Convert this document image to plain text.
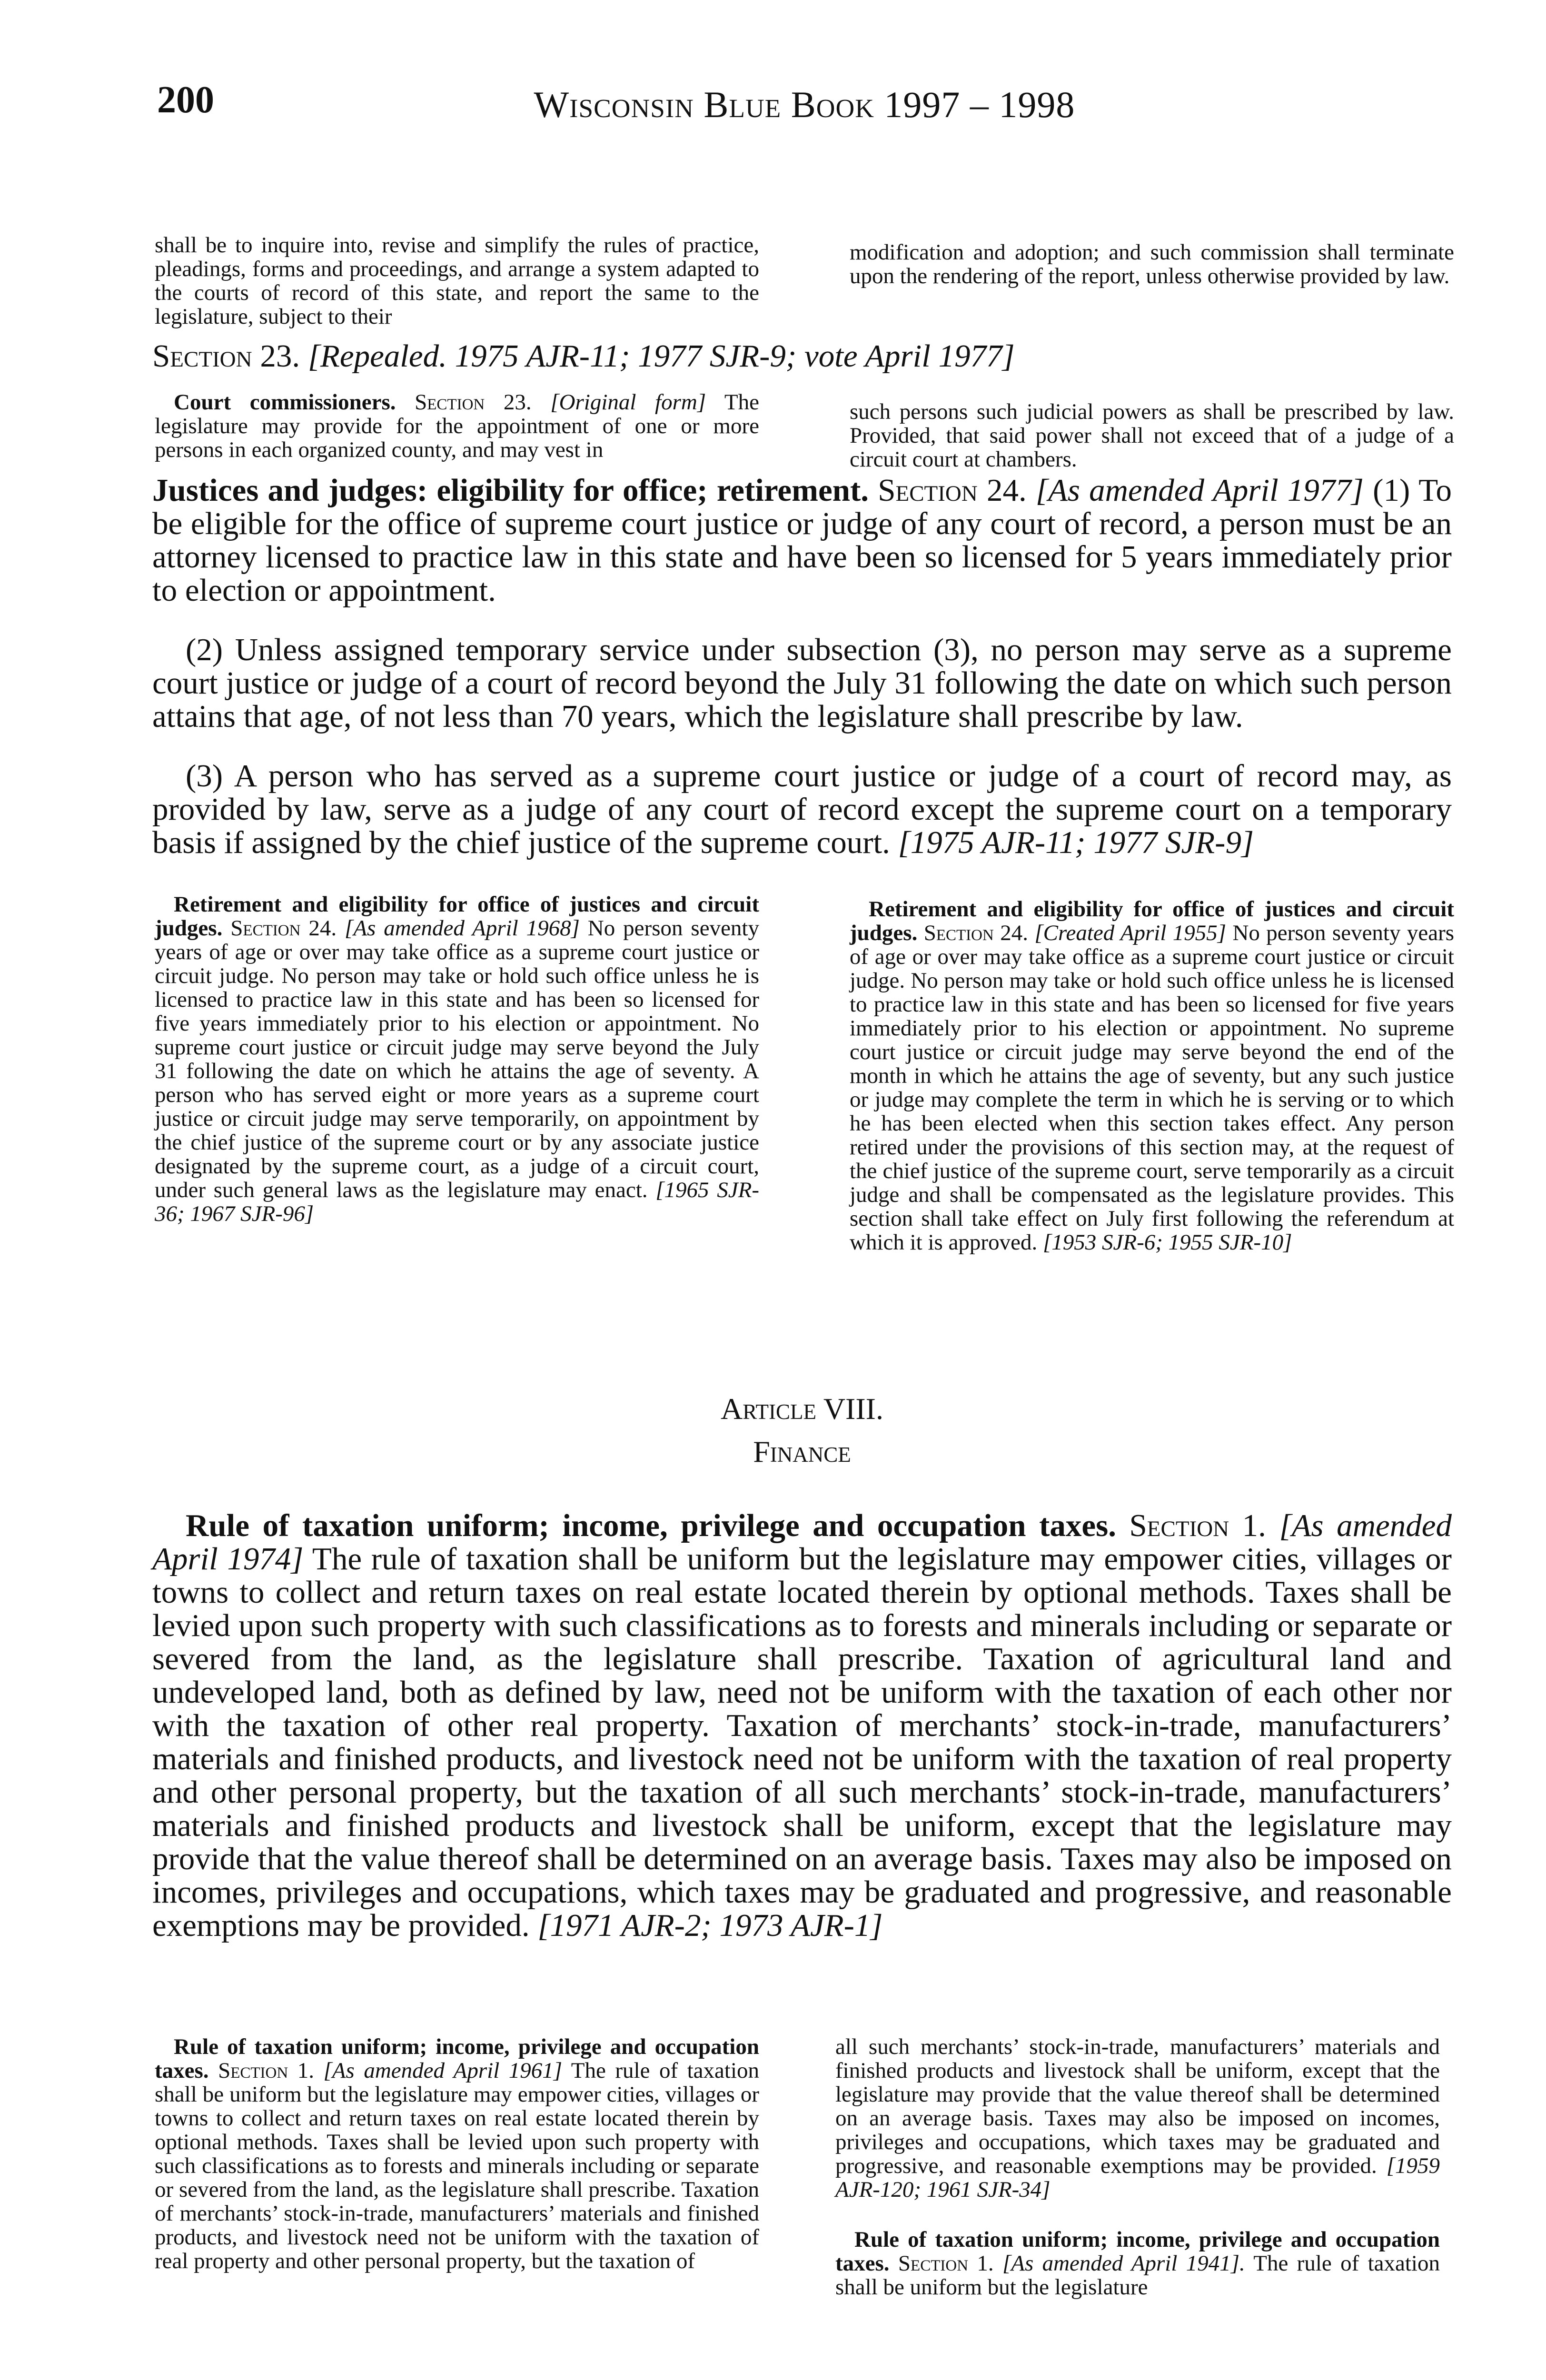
200	Wisconsin Blue Book 1997 – 1998

shall be to inquire into, revise and simplify the rules of practice, pleadings, forms and proceedings, and arrange a system adapted to the courts of record of this state, and report the same to the legislature, subject to their

modification and adoption; and such commission shall terminate upon the rendering of the report, unless otherwise provided by law.

Section 23. [Repealed. 1975 AJR-11; 1977 SJR-9; vote April 1977]

Court commissioners. Section 23. [Original form] The legislature may provide for the appointment of one or more persons in each organized county, and may vest in

such persons such judicial powers as shall be prescribed by law. Provided, that said power shall not exceed that of a judge of a circuit court at chambers.

Justices and judges: eligibility for office; retirement. Section 24. [As amended April 1977] (1) To be eligible for the office of supreme court justice or judge of any court of record, a person must be an attorney licensed to practice law in this state and have been so licensed for 5 years immediately prior to election or appointment.

(2) Unless assigned temporary service under subsection (3), no person may serve as a supreme court justice or judge of a court of record beyond the July 31 following the date on which such person attains that age, of not less than 70 years, which the legislature shall prescribe by law.

(3) A person who has served as a supreme court justice or judge of a court of record may, as provided by law, serve as a judge of any court of record except the supreme court on a temporary basis if assigned by the chief justice of the supreme court. [1975 AJR-11; 1977 SJR-9]

Retirement and eligibility for office of justices and circuit judges. Section 24. [As amended April 1968] No person seventy years of age or over may take office as a supreme court justice or circuit judge. No person may take or hold such office unless he is licensed to practice law in this state and has been so licensed for five years immediately prior to his election or appointment. No supreme court justice or circuit judge may serve beyond the July 31 following the date on which he attains the age of seventy. A person who has served eight or more years as a supreme court justice or circuit judge may serve temporarily, on appointment by the chief justice of the supreme court or by any associate justice designated by the supreme court, as a judge of a circuit court, under such general laws as the legislature may enact. [1965 SJR-36; 1967 SJR-96]

Retirement and eligibility for office of justices and circuit judges. Section 24. [Created April 1955] No person seventy years of age or over may take office as a supreme court justice or circuit judge. No person may take or hold such office unless he is licensed to practice law in this state and has been so licensed for five years immediately prior to his election or appointment. No supreme court justice or circuit judge may serve beyond the end of the month in which he attains the age of seventy, but any such justice or judge may complete the term in which he is serving or to which he has been elected when this section takes effect. Any person retired under the provisions of this section may, at the request of the chief justice of the supreme court, serve temporarily as a circuit judge and shall be compensated as the legislature provides. This section shall take effect on July first following the referendum at which it is approved. [1953 SJR-6; 1955 SJR-10]

Article VIII.
Finance

Rule of taxation uniform; income, privilege and occupation taxes. Section 1. [As amended April 1974] The rule of taxation shall be uniform but the legislature may empower cities, villages or towns to collect and return taxes on real estate located therein by optional methods. Taxes shall be levied upon such property with such classifications as to forests and minerals including or separate or severed from the land, as the legislature shall prescribe. Taxation of agricultural land and undeveloped land, both as defined by law, need not be uniform with the taxation of each other nor with the taxation of other real property. Taxation of merchants’ stock-in-trade, manufacturers’ materials and finished products, and livestock need not be uniform with the taxation of real property and other personal property, but the taxation of all such merchants’ stock-in-trade, manufacturers’ materials and finished products and livestock shall be uniform, except that the legislature may provide that the value thereof shall be determined on an average basis. Taxes may also be imposed on incomes, privileges and occupations, which taxes may be graduated and progressive, and reasonable exemptions may be provided. [1971 AJR-2; 1973 AJR-1]

Rule of taxation uniform; income, privilege and occupation taxes. Section 1. [As amended April 1961] The rule of taxation shall be uniform but the legislature may empower cities, villages or towns to collect and return taxes on real estate located therein by optional methods. Taxes shall be levied upon such property with such classifications as to forests and minerals including or separate or severed from the land, as the legislature shall prescribe. Taxation of merchants’ stock-in-trade, manufacturers’ materials and finished products, and livestock need not be uniform with the taxation of real property and other personal property, but the taxation of

all such merchants’ stock-in-trade, manufacturers’ materials and finished products and livestock shall be uniform, except that the legislature may provide that the value thereof shall be determined on an average basis. Taxes may also be imposed on incomes, privileges and occupations, which taxes may be graduated and progressive, and reasonable exemptions may be provided. [1959 AJR-120; 1961 SJR-34]

Rule of taxation uniform; income, privilege and occupation taxes. Section 1. [As amended April 1941]. The rule of taxation shall be uniform but the legislature
